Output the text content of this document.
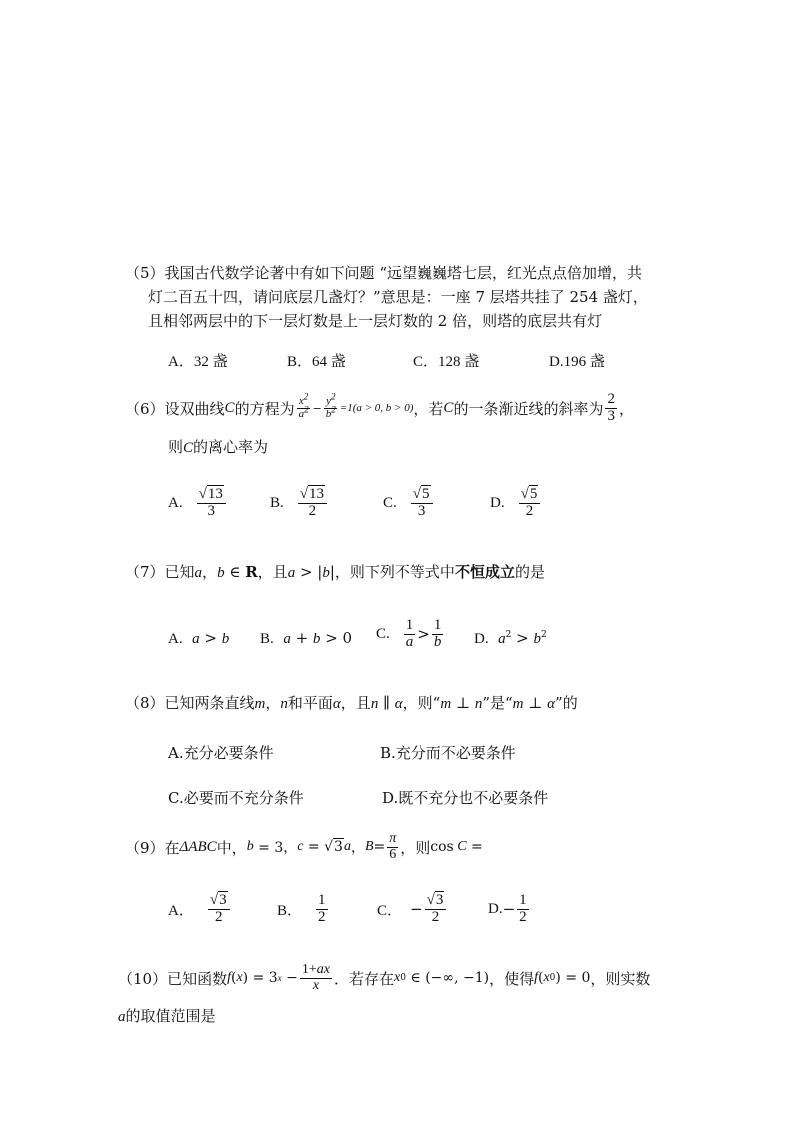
（5）我国古代数学论著中有如下问题 “远望巍巍塔七层，红光点点倍加增，共
灯二百五十四，请问底层几盏灯？”意思是：一座 7 层塔共挂了 254 盏灯，
且相邻两层中的下一层灯数是上一层灯数的 2 倍，则塔的底层共有灯
A．32 盏	B．64 盏	C．128 盏	D.196 盏
（6）设双曲线 C 的方程为 $\frac{x^2}{a^2} - \frac{y^2}{b^2} =1(a > 0$, b > 0) ，若 C 的一条渐近线的斜率为 $\frac{2}{3}$ ，
则C的离心率为
A. $\frac{√13}{3}$	B. $\frac{√13}{2}$	C. $\frac{√5}{3}$	D. $\frac{√5}{2}$
（7）已知a，b ∈ R，且a > |b|，则下列不等式中不恒成立的是
A. a > b B. a + b > 0 C. $\frac{1}{a} > \frac{1}{b} D$. $a^2 > b^2$
（8）已知两条直线m，n和平面α，且n ∥ α，则“m ⊥ n”是“m ⊥ α”的
A.充分必要条件	B.充分而不必要条件
C.必要而不充分条件	D.既不充分也不必要条件
（9）在 ΔABC 中， b = 3， c = √3 a ， $B = \frac{\pi}{6}$ ，则 cos C =
A． $\frac{√3}{2}$	B． $\frac{1}{2}$	C． − $\frac{√3}{2}$	D. − $\frac{1}{2}$
（10）已知函数 f ( x ) = 3 $x - \frac{1+ax}{x}$ ．若存在 x 0 ∈ (−∞, −1) ，使得 f ( x 0 ) = 0 ，则实数
a的取值范围是
